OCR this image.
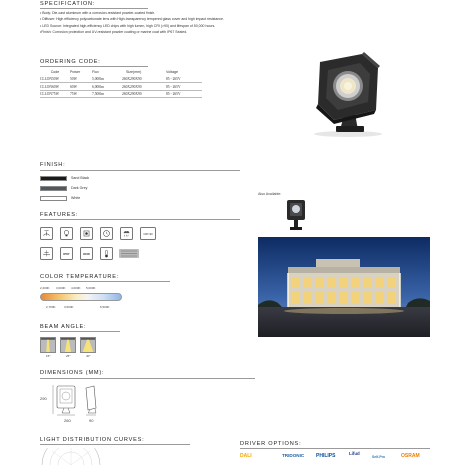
SPECIFICATION:
• Body: Die-cast aluminum with a corrosion-resistant powder-coated finish.
• Diffuser: High efficiency polycarbonate lens with High-transparency tempered glass cover and high impact resistance.
• LED Source: Integrated high-efficiency LED chips with high lumen, high CRI (>90) and lifespan of 50,000 hours.
•Finish: Corrosion protection and UV-resistant powder coating or marine coat with IP67 Sealed.
ORDERING CODE:
Code	Power	Flux	Size(mm)	Voltage
CLLON50W	50W	5,000lm	260X290X90	85 - 265V
CLLON60W	60W	6,000lm	260X290X90	85 - 265V
CLLON75W	75W	7,500lm	260X290X90	85 - 265V
FINISH:
Sand Black
Dark Grey
White
Also Available:
FEATURES:
CRI>90
IP67	IK08
COLOR TEMPERATURE:
2,200K 3,000K 4,000K 5,000K
2,700K	3,500K	6,500K
BEAM ANGLE:
15°	25°	40°
DIMENSIONS (MM):
290
260	90
LIGHT DISTRIBUTION CURVES:
DRIVER OPTIONS:
DALI	TRIDONIC PHILIPS	Lifud
Self-Pro	OSRAM
